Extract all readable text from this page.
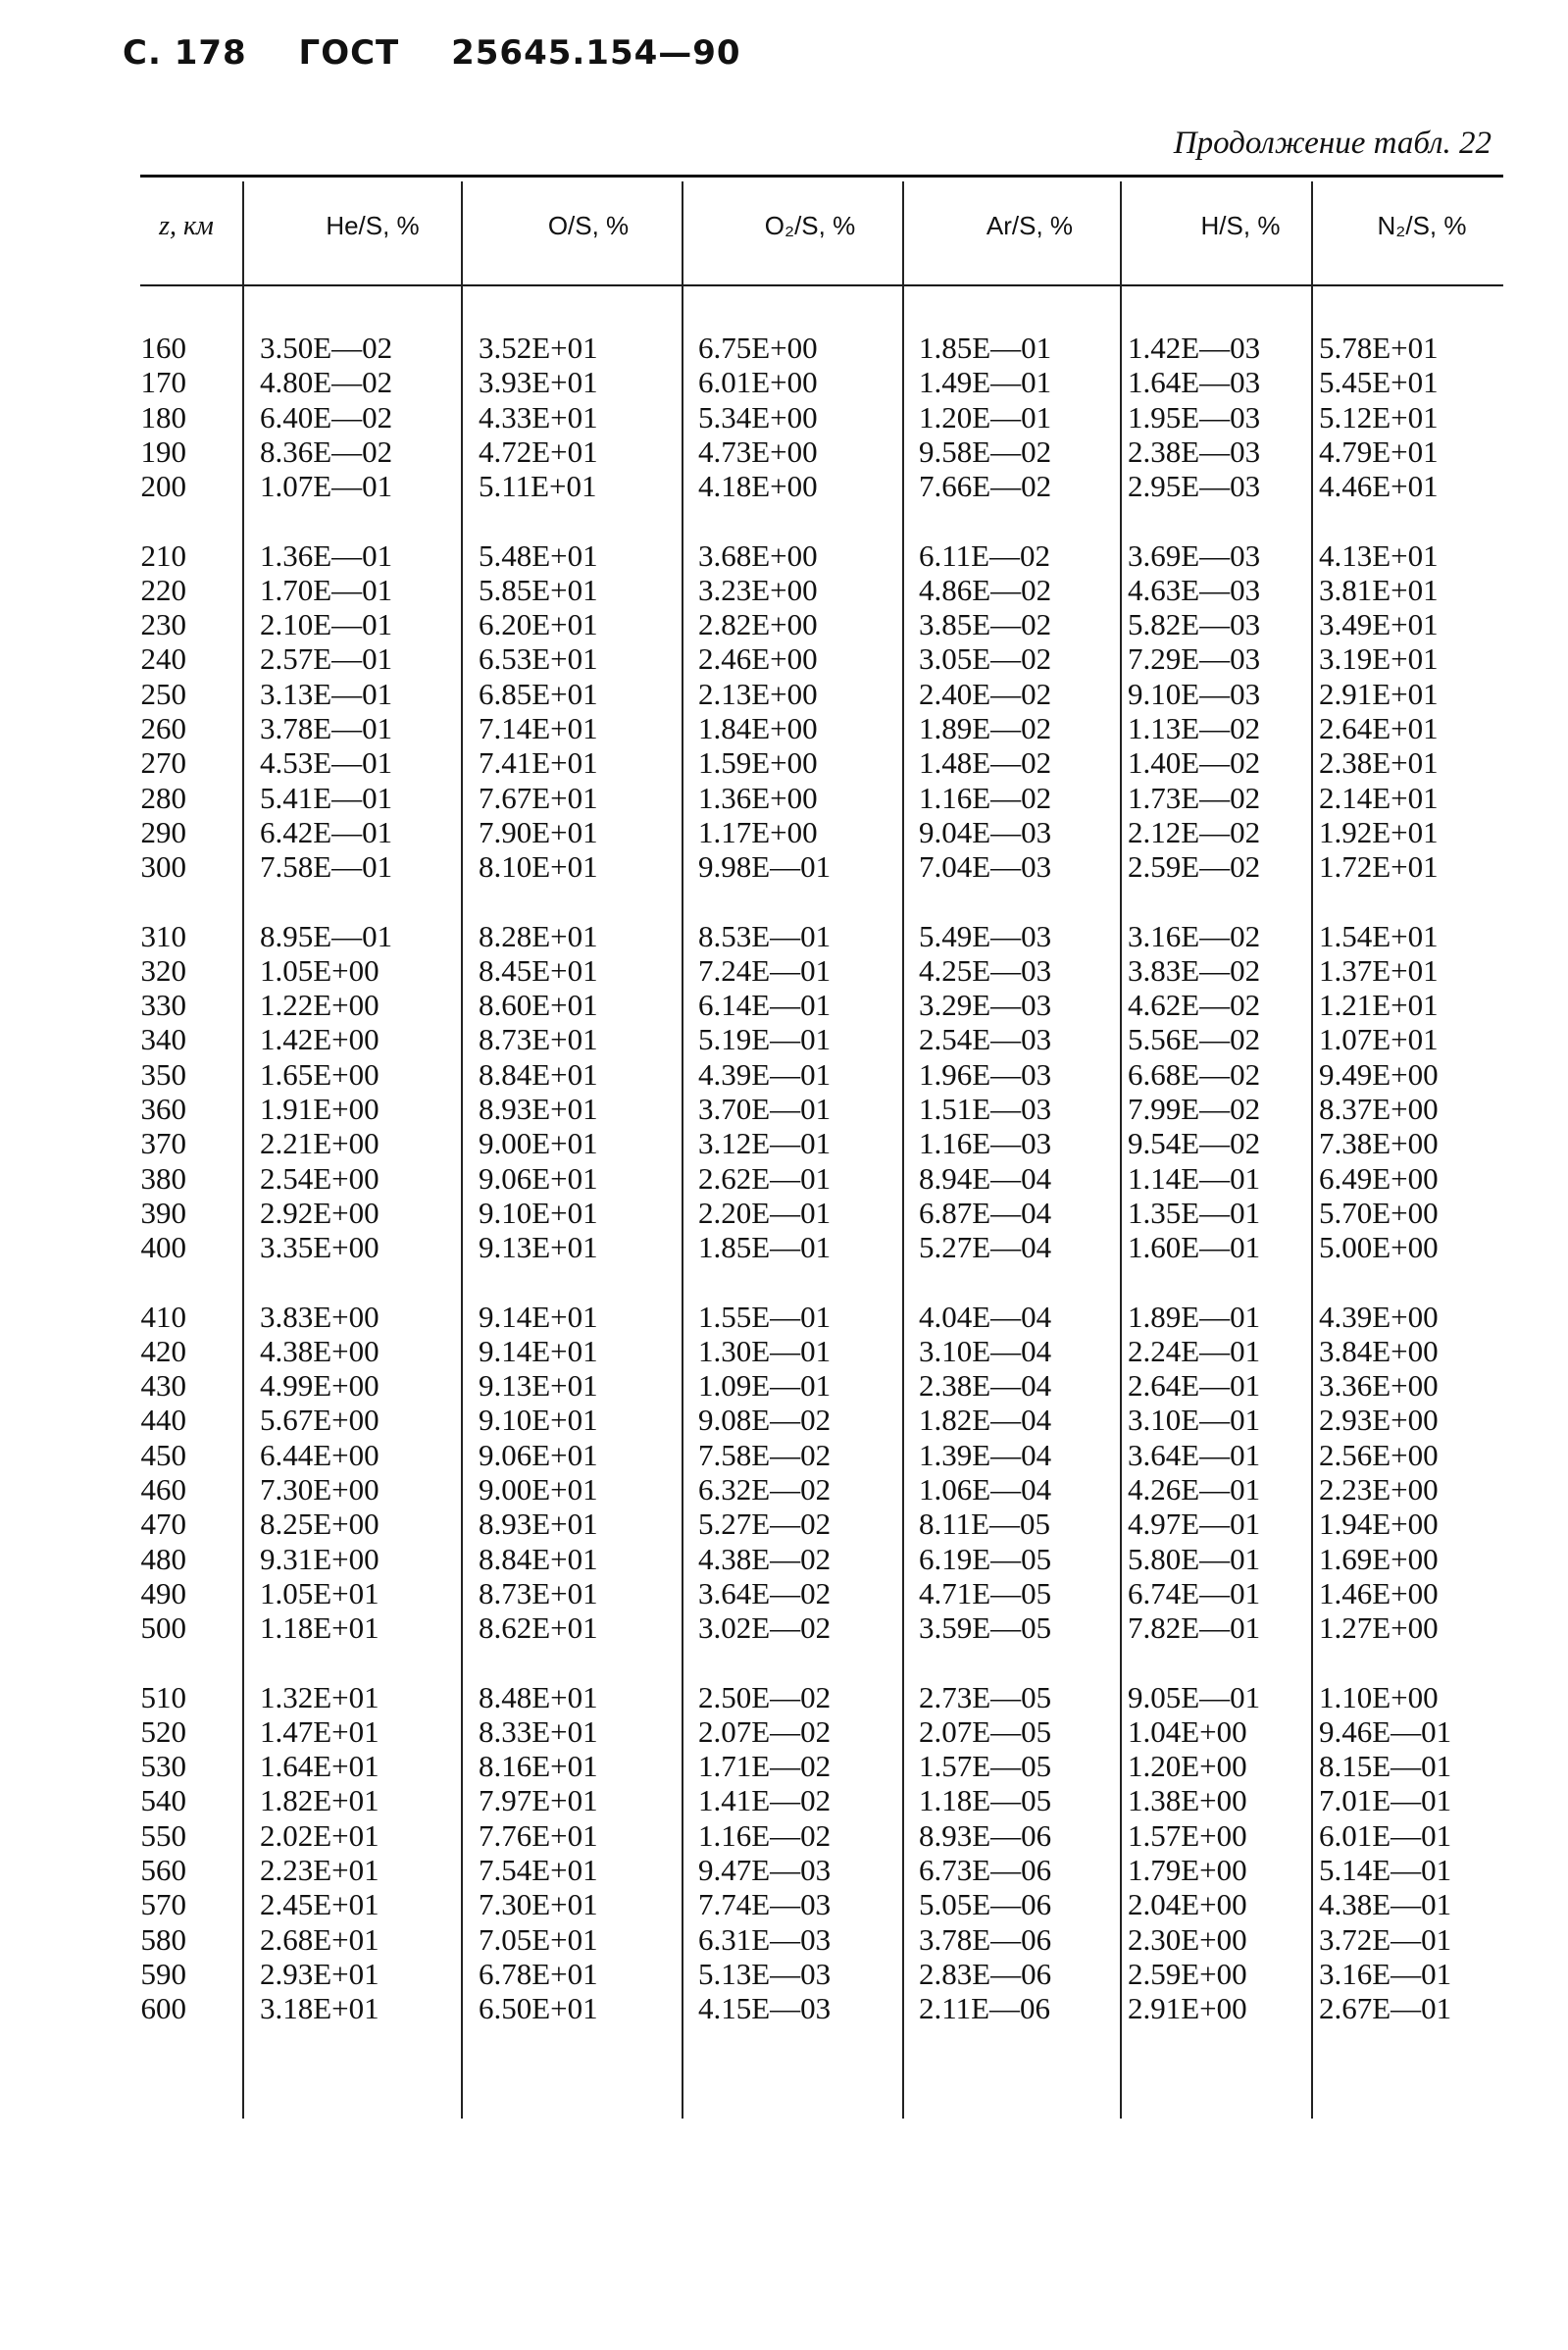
С. 178 ГОСТ 25645.154—90
Продолжение табл. 22
z, км	He/S, %	O/S, %	O₂/S, %	Ar/S, %	H/S, %	N₂/S, %
160 3.50E—02	3.52E+01	6.75E+00	1.85E—01	1.42E—03 5.78E+01
170 4.80E—02	3.93E+01	6.01E+00	1.49E—01	1.64E—03 5.45E+01
180 6.40E—02	4.33E+01	5.34E+00	1.20E—01	1.95E—03 5.12E+01
190 8.36E—02	4.72E+01	4.73E+00	9.58E—02	2.38E—03 4.79E+01
200 1.07E—01	5.11E+01	4.18E+00	7.66E—02	2.95E—03 4.46E+01
210 1.36E—01	5.48E+01	3.68E+00	6.11E—02	3.69E—03 4.13E+01
220 1.70E—01	5.85E+01	3.23E+00	4.86E—02	4.63E—03 3.81E+01
230 2.10E—01	6.20E+01	2.82E+00	3.85E—02	5.82E—03 3.49E+01
240 2.57E—01	6.53E+01	2.46E+00	3.05E—02	7.29E—03 3.19E+01
250 3.13E—01	6.85E+01	2.13E+00	2.40E—02	9.10E—03 2.91E+01
260 3.78E—01	7.14E+01	1.84E+00	1.89E—02	1.13E—02 2.64E+01
270 4.53E—01	7.41E+01	1.59E+00	1.48E—02	1.40E—02 2.38E+01
280 5.41E—01	7.67E+01	1.36E+00	1.16E—02	1.73E—02 2.14E+01
290 6.42E—01	7.90E+01	1.17E+00	9.04E—03	2.12E—02 1.92E+01
300 7.58E—01	8.10E+01	9.98E—01	7.04E—03	2.59E—02 1.72E+01
310 8.95E—01	8.28E+01	8.53E—01	5.49E—03	3.16E—02 1.54E+01
320 1.05E+00	8.45E+01	7.24E—01	4.25E—03	3.83E—02 1.37E+01
330 1.22E+00	8.60E+01	6.14E—01	3.29E—03	4.62E—02 1.21E+01
340 1.42E+00	8.73E+01	5.19E—01	2.54E—03	5.56E—02 1.07E+01
350 1.65E+00	8.84E+01	4.39E—01	1.96E—03	6.68E—02 9.49E+00
360 1.91E+00	8.93E+01	3.70E—01	1.51E—03	7.99E—02 8.37E+00
370 2.21E+00	9.00E+01	3.12E—01	1.16E—03	9.54E—02 7.38E+00
380 2.54E+00	9.06E+01	2.62E—01	8.94E—04	1.14E—01 6.49E+00
390 2.92E+00	9.10E+01	2.20E—01	6.87E—04	1.35E—01 5.70E+00
400 3.35E+00	9.13E+01	1.85E—01	5.27E—04	1.60E—01 5.00E+00
410 3.83E+00	9.14E+01	1.55E—01	4.04E—04	1.89E—01 4.39E+00
420 4.38E+00	9.14E+01	1.30E—01	3.10E—04	2.24E—01 3.84E+00
430 4.99E+00	9.13E+01	1.09E—01	2.38E—04	2.64E—01 3.36E+00
440 5.67E+00	9.10E+01	9.08E—02	1.82E—04	3.10E—01 2.93E+00
450 6.44E+00	9.06E+01	7.58E—02	1.39E—04	3.64E—01 2.56E+00
460 7.30E+00	9.00E+01	6.32E—02	1.06E—04	4.26E—01 2.23E+00
470 8.25E+00	8.93E+01	5.27E—02	8.11E—05	4.97E—01 1.94E+00
480 9.31E+00	8.84E+01	4.38E—02	6.19E—05	5.80E—01 1.69E+00
490 1.05E+01	8.73E+01	3.64E—02	4.71E—05	6.74E—01 1.46E+00
500 1.18E+01	8.62E+01	3.02E—02	3.59E—05	7.82E—01 1.27E+00
510 1.32E+01	8.48E+01	2.50E—02	2.73E—05	9.05E—01 1.10E+00
520 1.47E+01	8.33E+01	2.07E—02	2.07E—05	1.04E+00 9.46E—01
530 1.64E+01	8.16E+01	1.71E—02	1.57E—05	1.20E+00 8.15E—01
540 1.82E+01	7.97E+01	1.41E—02	1.18E—05	1.38E+00 7.01E—01
550 2.02E+01	7.76E+01	1.16E—02	8.93E—06	1.57E+00 6.01E—01
560 2.23E+01	7.54E+01	9.47E—03	6.73E—06	1.79E+00 5.14E—01
570 2.45E+01	7.30E+01	7.74E—03	5.05E—06	2.04E+00 4.38E—01
580 2.68E+01	7.05E+01	6.31E—03	3.78E—06	2.30E+00 3.72E—01
590 2.93E+01	6.78E+01	5.13E—03	2.83E—06	2.59E+00 3.16E—01
600 3.18E+01	6.50E+01	4.15E—03	2.11E—06	2.91E+00 2.67E—01
